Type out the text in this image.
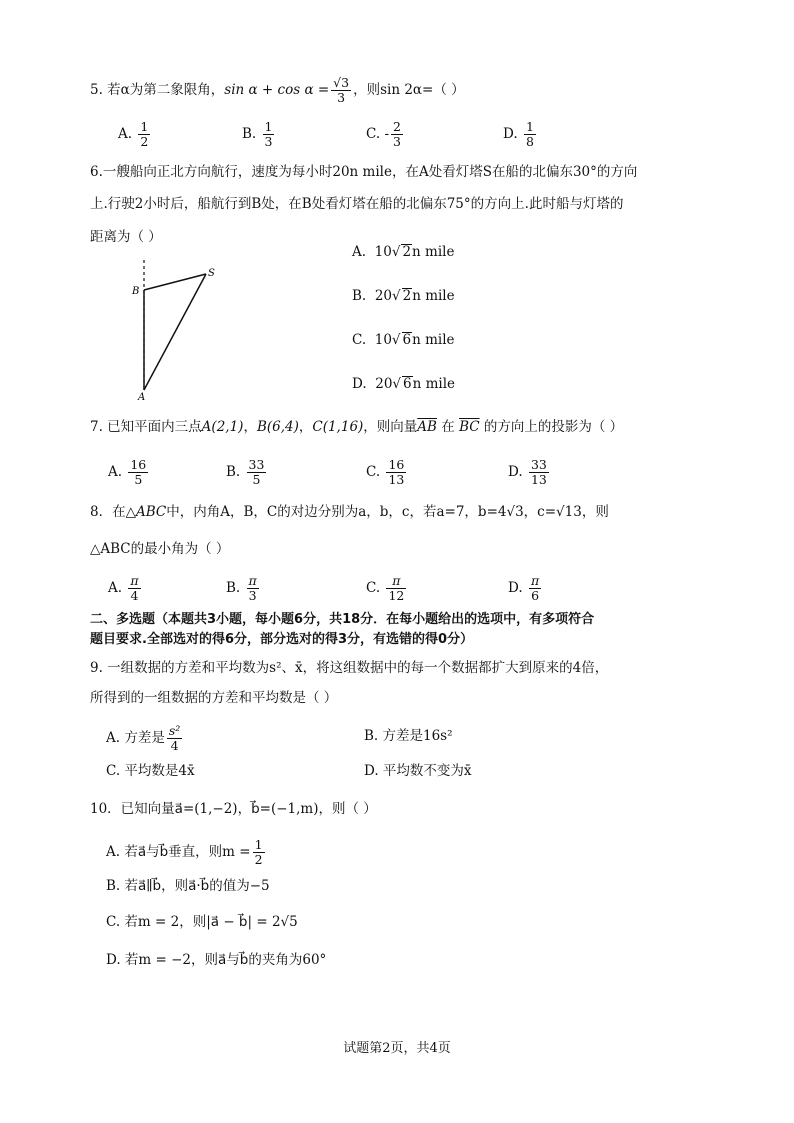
5. 若α为第二象限角，$\sin \alpha + \cos \alpha = \frac{√3}{3}$ ，则sin 2α=（ ）
A. $\frac{1}{2}$	B. $\frac{1}{3}$	C. - $\frac{2}{3}$	D. $\frac{1}{8}$
6.一艘船向正北方向航行，速度为每小时20n mile，在A处看灯塔S在船的北偏东30°的方向
上.行驶2小时后，船航行到B处，在B处看灯塔在船的北偏东75°的方向上.此时船与灯塔的
距离为（ ）
A. 10√ 2n mile
B. 20√ 2n mile
C. 10√ 6n mile
D. 20√ 6n mile
B
S
A
7. 已知平面内三点A(2,1)，B(6,4)，C(1,16)，则向量$\overline{AB}$ 在 $\overline{BC}$ 的方向上的投影为（ ）
A. $\frac{16}{5}$	B. $\frac{33}{5}$	C. $\frac{16}{13}$	D. $\frac{33}{13}$
8．在△ABC中，内角A，B，C的对边分别为a，b，c，若a=7，b=4√3，c=√13，则
△ABC的最小角为（ ）
A. $\frac{\pi}{4}$	B. $\frac{\pi}{3}$	C. $\frac{\pi}{12}$	D. $\frac{\pi}{6}$
二、多选题（本题共3小题，每小题6分，共18分．在每小题给出的选项中，有多项符合
题目要求.全部选对的得6分，部分选对的得3分，有选错的得0分）
9. 一组数据的方差和平均数为s²、x̄，将这组数据中的每一个数据都扩大到原来的4倍，
所得到的一组数据的方差和平均数是（ ）
A. 方差是 $\frac{\text{s²}}{4}$	B. 方差是16s²
C. 平均数是4x̄	D. 平均数不变为x̄
10．已知向量a⃗=(1,−2)，b⃗=(−1,m)，则（ ）
A. 若a⃗与b⃗垂直，则$m = \frac{1}{2}$
B. 若a⃗∥b⃗，则a⃗·b⃗的值为−5
C. 若m = 2，则|a⃗ − b⃗| = 2√5
D. 若m = −2，则a⃗与b⃗的夹角为60°
试题第2页，共4页
